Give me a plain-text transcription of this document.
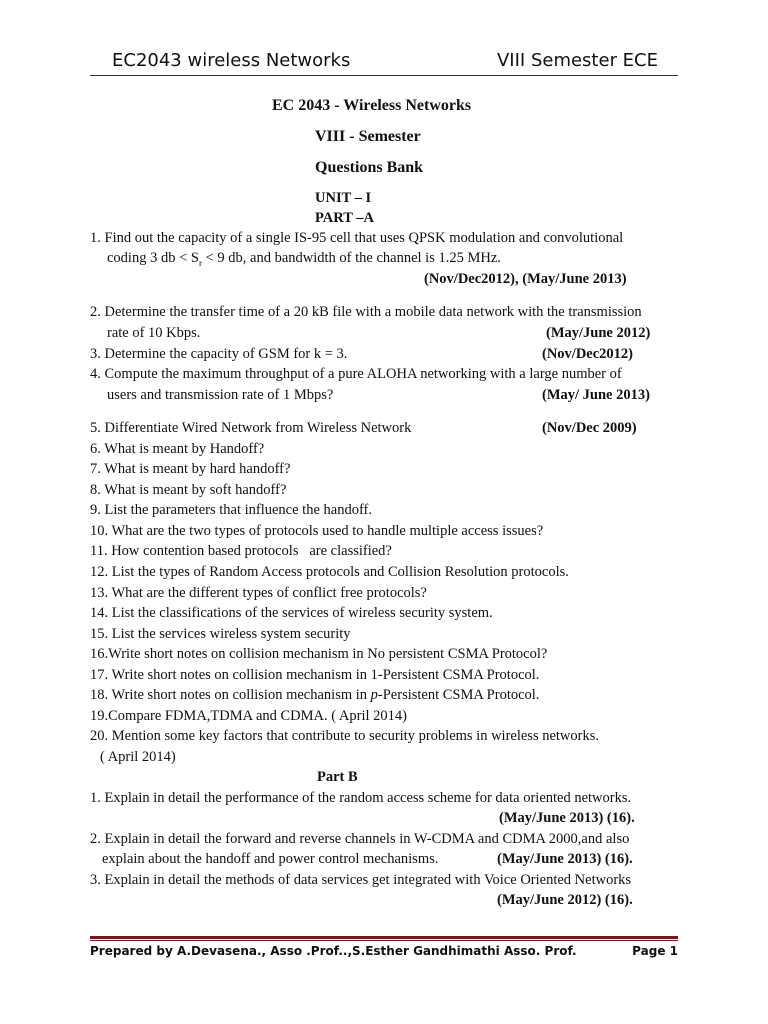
EC2043 wireless Networks	VIII Semester ECE
EC 2043 - Wireless Networks
VIII - Semester
Questions Bank
UNIT – I
PART –A
1. Find out the capacity of a single IS-95 cell that uses QPSK modulation and convolutional
coding 3 db < $S_r < 9$ db, and bandwidth of the channel is 1.25 MHz.
(Nov/Dec2012), (May/June 2013)
2. Determine the transfer time of a 20 kB file with a mobile data network with the transmission
rate of 10 Kbps.	(May/June 2012)
3. Determine the capacity of GSM for k = 3.	(Nov/Dec2012)
4. Compute the maximum throughput of a pure ALOHA networking with a large number of
users and transmission rate of 1 Mbps?	(May/ June 2013)
5. Differentiate Wired Network from Wireless Network	(Nov/Dec 2009)
6. What is meant by Handoff?
7. What is meant by hard handoff?
8. What is meant by soft handoff?
9. List the parameters that influence the handoff.
10. What are the two types of protocols used to handle multiple access issues?
11. How contention based protocols   are classified?
12. List the types of Random Access protocols and Collision Resolution protocols.
13. What are the different types of conflict free protocols?
14. List the classifications of the services of wireless security system.
15. List the services wireless system security
16.Write short notes on collision mechanism in No persistent CSMA Protocol?
17. Write short notes on collision mechanism in 1-Persistent CSMA Protocol.
18. Write short notes on collision mechanism in p-Persistent CSMA Protocol.
19.Compare FDMA,TDMA and CDMA. ( April 2014)
20. Mention some key factors that contribute to security problems in wireless networks.
( April 2014)
Part B
1. Explain in detail the performance of the random access scheme for data oriented networks.
(May/June 2013) (16).
2. Explain in detail the forward and reverse channels in W-CDMA and CDMA 2000,and also
explain about the handoff and power control mechanisms.	(May/June 2013) (16).
3. Explain in detail the methods of data services get integrated with Voice Oriented Networks
(May/June 2012) (16).
Prepared by A.Devasena., Asso .Prof..,S.Esther Gandhimathi Asso. Prof.	Page 1
